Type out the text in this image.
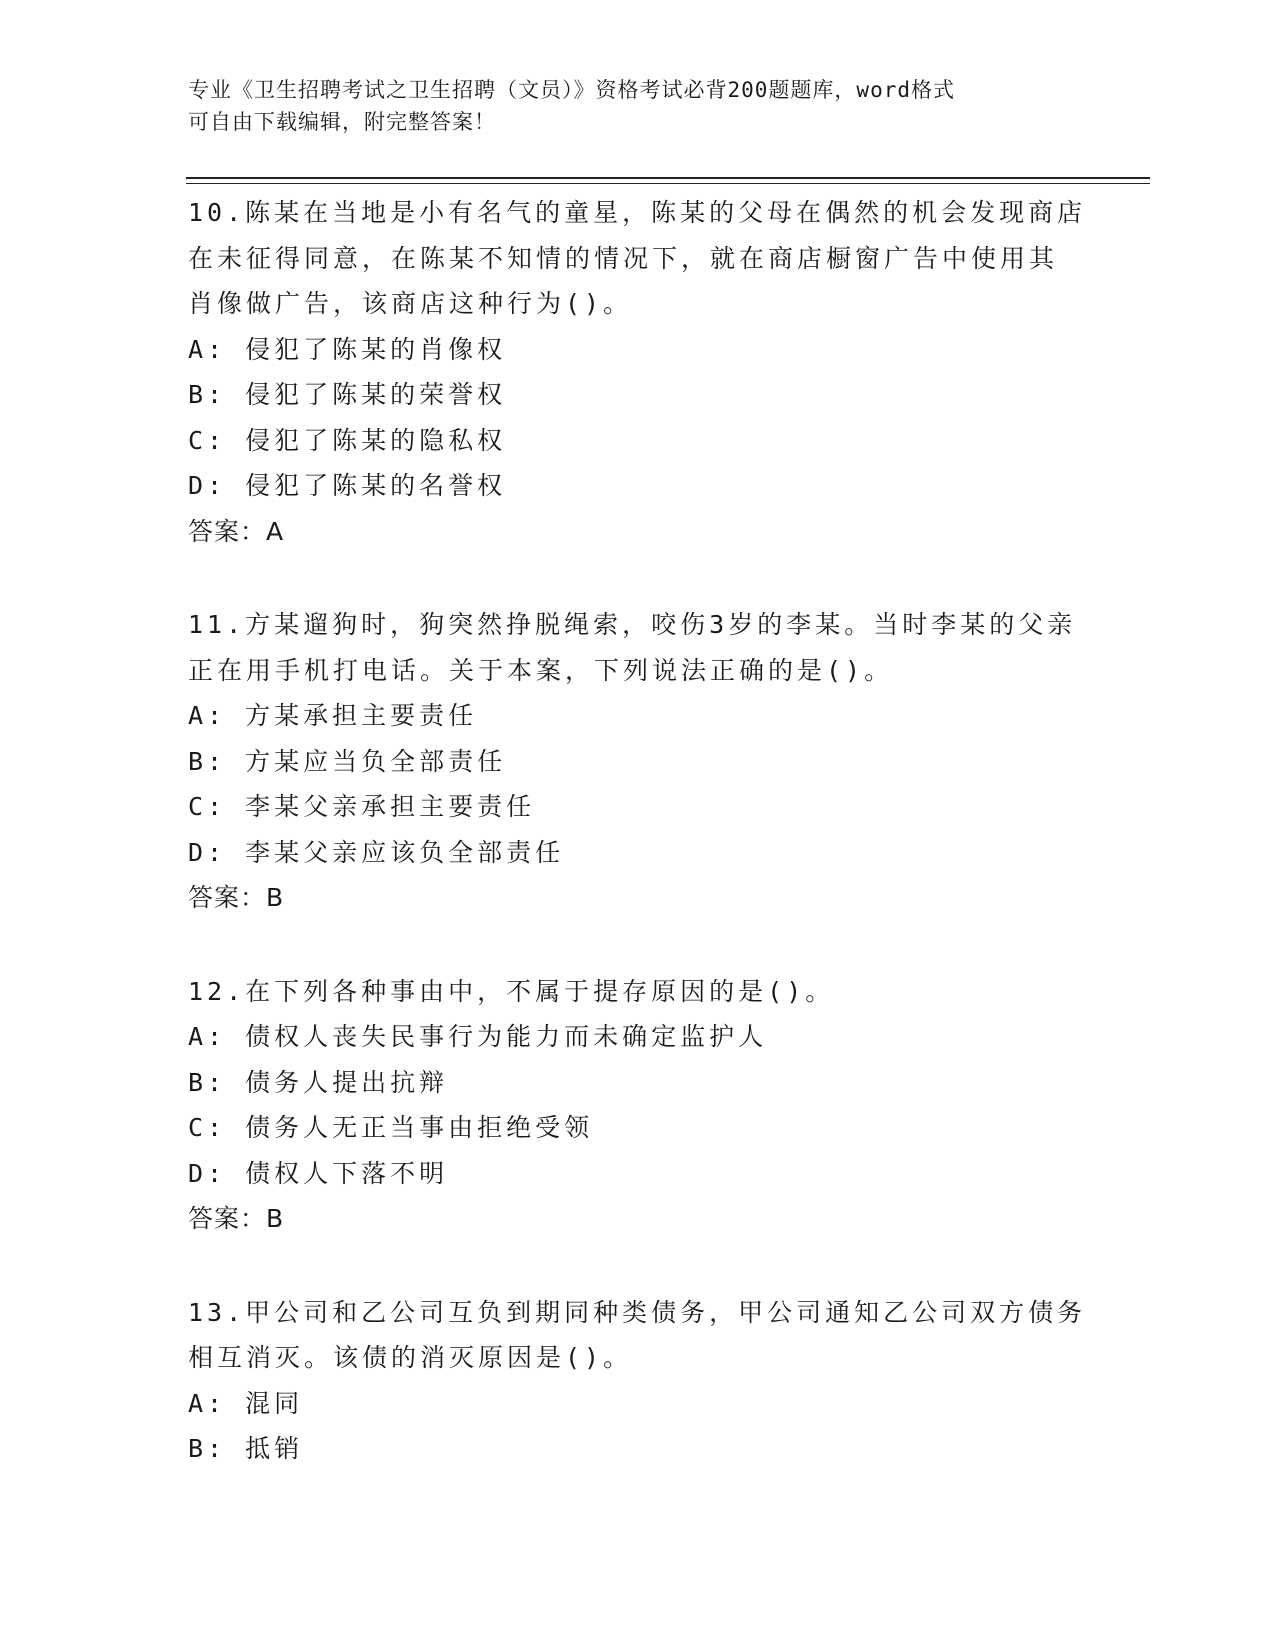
专业《卫生招聘考试之卫生招聘（文员）》资格考试必背200题题库，word格式
可自由下载编辑，附完整答案！
10.陈某在当地是小有名气的童星，陈某的父母在偶然的机会发现商店
在未征得同意，在陈某不知情的情况下，就在商店橱窗广告中使用其
肖像做广告，该商店这种行为()。
A: 侵犯了陈某的肖像权
B: 侵犯了陈某的荣誉权
C: 侵犯了陈某的隐私权
D: 侵犯了陈某的名誉权
答案：A
11.方某遛狗时，狗突然挣脱绳索，咬伤3岁的李某。当时李某的父亲
正在用手机打电话。关于本案，下列说法正确的是()。
A: 方某承担主要责任
B: 方某应当负全部责任
C: 李某父亲承担主要责任
D: 李某父亲应该负全部责任
答案：B
12.在下列各种事由中，不属于提存原因的是()。
A: 债权人丧失民事行为能力而未确定监护人
B: 债务人提出抗辩
C: 债务人无正当事由拒绝受领
D: 债权人下落不明
答案：B
13.甲公司和乙公司互负到期同种类债务，甲公司通知乙公司双方债务
相互消灭。该债的消灭原因是()。
A: 混同
B: 抵销
